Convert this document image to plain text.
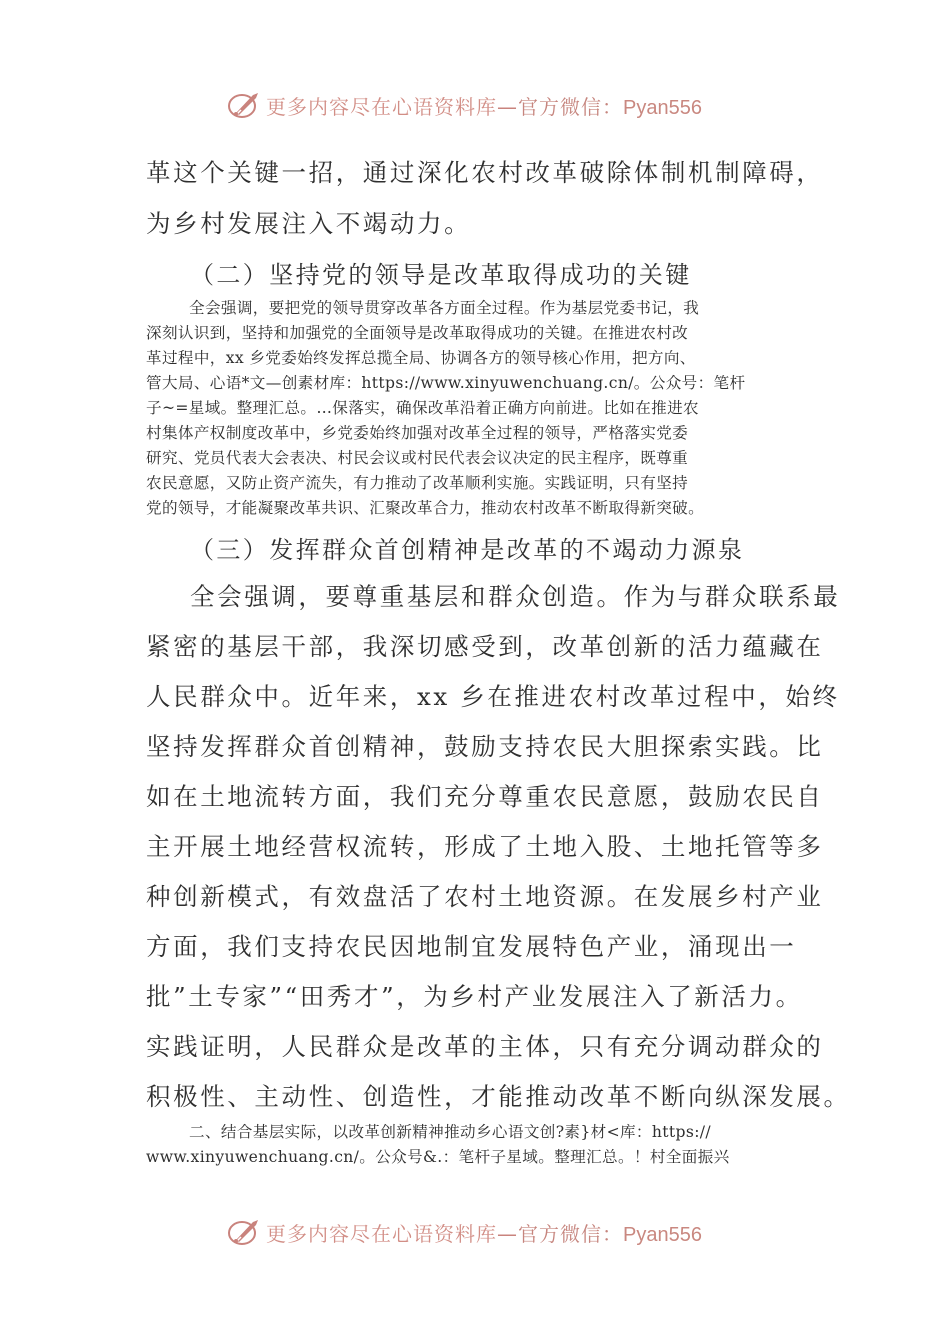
更多内容尽在心语资料库—官方微信：Pyan556
革这个关键一招，通过深化农村改革破除体制机制障碍，
为乡村发展注入不竭动力。
（二）坚持党的领导是改革取得成功的关键
全会强调，要把党的领导贯穿改革各方面全过程。作为基层党委书记，我
深刻认识到，坚持和加强党的全面领导是改革取得成功的关键。在推进农村改
革过程中，xx 乡党委始终发挥总揽全局、协调各方的领导核心作用，把方向、
管大局、心语*文—创素材库：https://www.xinyuwenchuang.cn/。公众号：笔杆
子~=星域。整理汇总。…保落实，确保改革沿着正确方向前进。比如在推进农
村集体产权制度改革中，乡党委始终加强对改革全过程的领导，严格落实党委
研究、党员代表大会表决、村民会议或村民代表会议决定的民主程序，既尊重
农民意愿，又防止资产流失，有力推动了改革顺利实施。实践证明，只有坚持
党的领导，才能凝聚改革共识、汇聚改革合力，推动农村改革不断取得新突破。
（三）发挥群众首创精神是改革的不竭动力源泉
全会强调，要尊重基层和群众创造。作为与群众联系最
紧密的基层干部，我深切感受到，改革创新的活力蕴藏在
人民群众中。近年来，xx 乡在推进农村改革过程中，始终
坚持发挥群众首创精神，鼓励支持农民大胆探索实践。比
如在土地流转方面，我们充分尊重农民意愿，鼓励农民自
主开展土地经营权流转，形成了土地入股、土地托管等多
种创新模式，有效盘活了农村土地资源。在发展乡村产业
方面，我们支持农民因地制宜发展特色产业，涌现出一
批”土专家”“田秀才”，为乡村产业发展注入了新活力。
实践证明，人民群众是改革的主体，只有充分调动群众的
积极性、主动性、创造性，才能推动改革不断向纵深发展。
二、结合基层实际，以改革创新精神推动乡心语文创?素}材<库：https://
www.xinyuwenchuang.cn/。公众号&.：笔杆子星域。整理汇总。！村全面振兴
更多内容尽在心语资料库—官方微信：Pyan556
